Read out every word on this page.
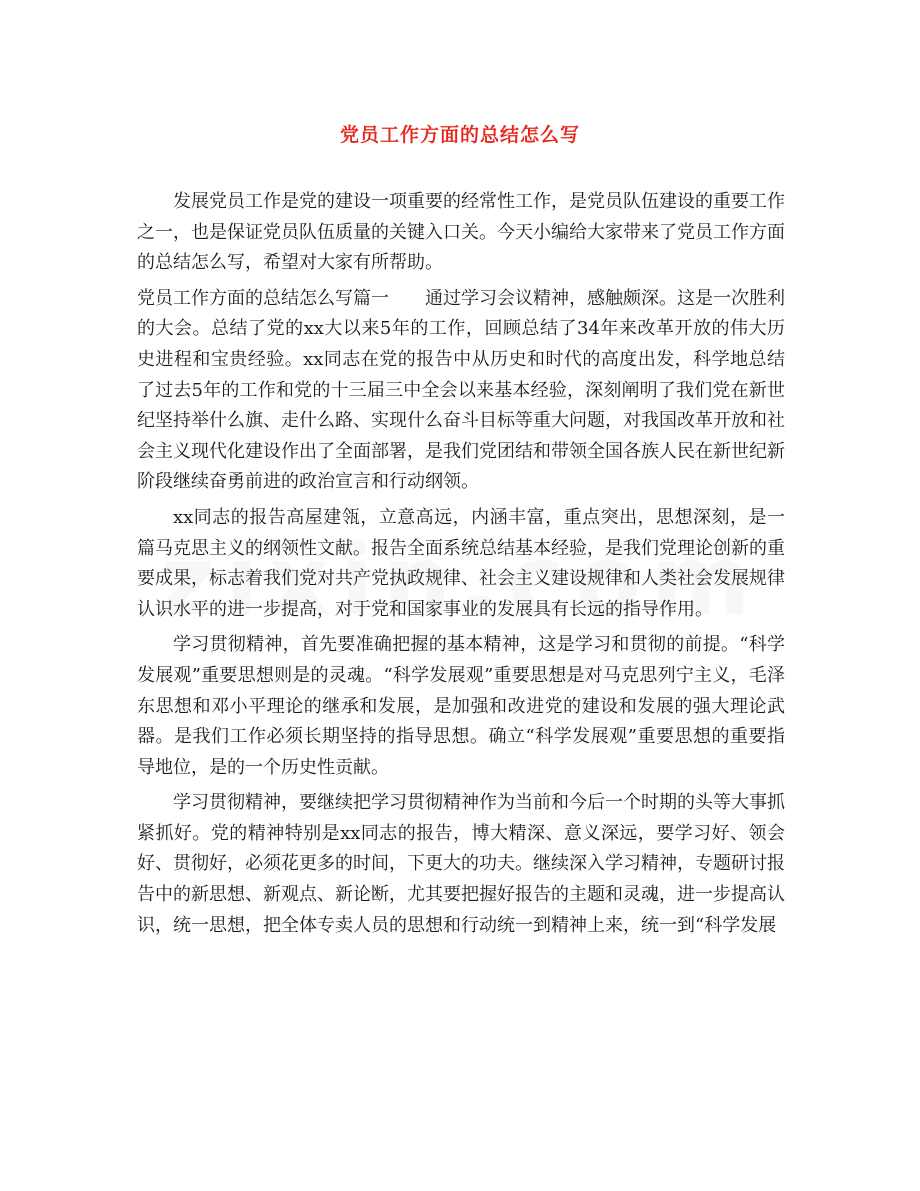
党员工作方面的总结怎么写

发展党员工作是党的建设一项重要的经常性工作，是党员队伍建设的重要工作之一，也是保证党员队伍质量的关键入口关。今天小编给大家带来了党员工作方面的总结怎么写，希望对大家有所帮助。

党员工作方面的总结怎么写篇一　　通过学习会议精神，感触颇深。这是一次胜利的大会。总结了党的xx大以来5年的工作，回顾总结了34年来改革开放的伟大历史进程和宝贵经验。xx同志在党的报告中从历史和时代的高度出发，科学地总结了过去5年的工作和党的十三届三中全会以来基本经验，深刻阐明了我们党在新世纪坚持举什么旗、走什么路、实现什么奋斗目标等重大问题，对我国改革开放和社会主义现代化建设作出了全面部署，是我们党团结和带领全国各族人民在新世纪新阶段继续奋勇前进的政治宣言和行动纲领。

xx同志的报告高屋建瓴，立意高远，内涵丰富，重点突出，思想深刻，是一篇马克思主义的纲领性文献。报告全面系统总结基本经验，是我们党理论创新的重要成果，标志着我们党对共产党执政规律、社会主义建设规律和人类社会发展规律认识水平的进一步提高，对于党和国家事业的发展具有长远的指导作用。

学习贯彻精神，首先要准确把握的基本精神，这是学习和贯彻的前提。“科学发展观”重要思想则是的灵魂。“科学发展观”重要思想是对马克思列宁主义，毛泽东思想和邓小平理论的继承和发展，是加强和改进党的建设和发展的强大理论武器。是我们工作必须长期坚持的指导思想。确立“科学发展观”重要思想的重要指导地位，是的一个历史性贡献。

学习贯彻精神，要继续把学习贯彻精神作为当前和今后一个时期的头等大事抓紧抓好。党的精神特别是xx同志的报告，博大精深、意义深远，要学习好、领会好、贯彻好，必须花更多的时间，下更大的功夫。继续深入学习精神，专题研讨报告中的新思想、新观点、新论断，尤其要把握好报告的主题和灵魂，进一步提高认识，统一思想，把全体专卖人员的思想和行动统一到精神上来，统一到“科学发展
